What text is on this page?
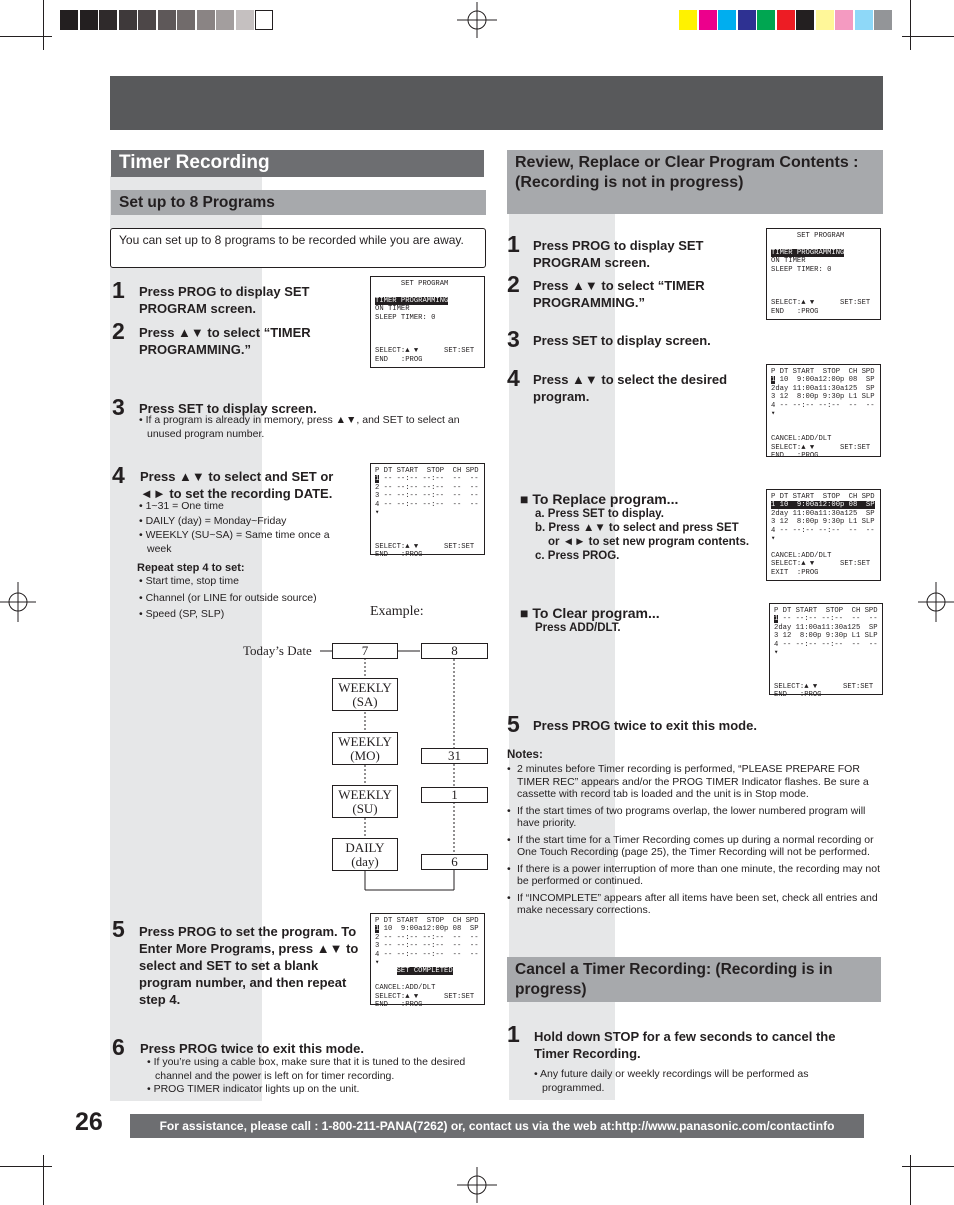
Timer Recording
Set up to 8 Programs
You can set up to 8 programs to be recorded while you are away.
1 Press PROG to display SET PROGRAM screen.
2 Press ▲▼ to select “TIMER PROGRAMMING.”
SET PROGRAM
TIMER PROGRAMMING
ON TIMER
SLEEP TIMER: 0
SELECT:▲ ▼      SET:SET
END   :PROG
3 Press SET to display screen.
• If a program is already in memory, press ▲▼, and SET to select an unused program number.
4 Press ▲▼ to select and SET or ◄► to set the recording DATE.
• 1~31 = One time
• DAILY (day) = Monday~Friday
• WEEKLY (SU~SA) = Same time once a week
P DT START  STOP  CH SPD
1 -- --:-- --:--  --  --
2 -- --:-- --:--  --  --
3 -- --:-- --:--  --  --
4 -- --:-- --:--  --  --
▾
SELECT:▲ ▼      SET:SET
END   :PROG
Repeat step 4 to set:
• Start time, stop time
• Channel (or LINE for outside source)
• Speed (SP, SLP)	Example:
Today’s Date	7
WEEKLY (SA)
WEEKLY (MO)
WEEKLY (SU)
DAILY (day)
8
31
1
6
5 Press PROG to set the program. To Enter More Programs, press ▲▼ to select and SET to set a blank program number, and then repeat step 4.
P DT START  STOP  CH SPD
1 10  9:00a12:00p 08  SP
2 -- --:-- --:--  --  --
3 -- --:-- --:--  --  --
4 -- --:-- --:--  --  --
▾
SET COMPLETED
CANCEL:ADD/DLT
SELECT:▲ ▼      SET:SET
END   :PROG
6 Press PROG twice to exit this mode.
• If you’re using a cable box, make sure that it is tuned to the desired channel and the power is left on for timer recording.
• PROG TIMER indicator lights up on the unit.
Review, Replace or Clear Program Contents : (Recording is not in progress)
1 Press PROG to display SET PROGRAM screen.
2 Press ▲▼ to select “TIMER PROGRAMMING.”
SET PROGRAM
TIMER PROGRAMMING
ON TIMER
SLEEP TIMER: 0
SELECT:▲ ▼      SET:SET
END   :PROG
3 Press SET to display screen.
4 Press ▲▼ to select the desired program.
P DT START  STOP  CH SPD
1 10  9:00a12:00p 08  SP
2day 11:00a11:30a125  SP
3 12  8:00p 9:30p L1 SLP
4 -- --:-- --:--  --  --
▾
CANCEL:ADD/DLT
SELECT:▲ ▼      SET:SET
END   :PROG
■ To Replace program...
a. Press SET to display.
b. Press ▲▼ to select and press SET or ◄► to set new program contents.
c. Press PROG.
P DT START  STOP  CH SPD
1 10  9:00a12:00p 08  SP
2day 11:00a11:30a125  SP
3 12  8:00p 9:30p L1 SLP
4 -- --:-- --:--  --  --
▾
CANCEL:ADD/DLT
SELECT:▲ ▼      SET:SET
EXIT  :PROG
■ To Clear program...
Press ADD/DLT.
P DT START  STOP  CH SPD
1 -- --:-- --:--  --  --
2day 11:00a11:30a125  SP
3 12  8:00p 9:30p L1 SLP
4 -- --:-- --:--  --  --
▾
SELECT:▲ ▼      SET:SET
END   :PROG
5 Press PROG twice to exit this mode.
Notes:
• 2 minutes before Timer recording is performed, “PLEASE PREPARE FOR TIMER REC” appears and/or the PROG TIMER Indicator flashes. Be sure a cassette with record tab is loaded and the unit is in Stop mode.
• If the start times of two programs overlap, the lower numbered program will have priority.
• If the start time for a Timer Recording comes up during a normal recording or One Touch Recording (page 25), the Timer Recording will not be performed.
• If there is a power interruption of more than one minute, the recording may not be performed or continued.
• If “INCOMPLETE” appears after all items have been set, check all entries and make necessary corrections.
Cancel a Timer Recording: (Recording is in progress)
1 Hold down STOP for a few seconds to cancel the Timer Recording.
• Any future daily or weekly recordings will be performed as programmed.
26	For assistance, please call : 1-800-211-PANA(7262) or, contact us via the web at:http://www.panasonic.com/contactinfo
